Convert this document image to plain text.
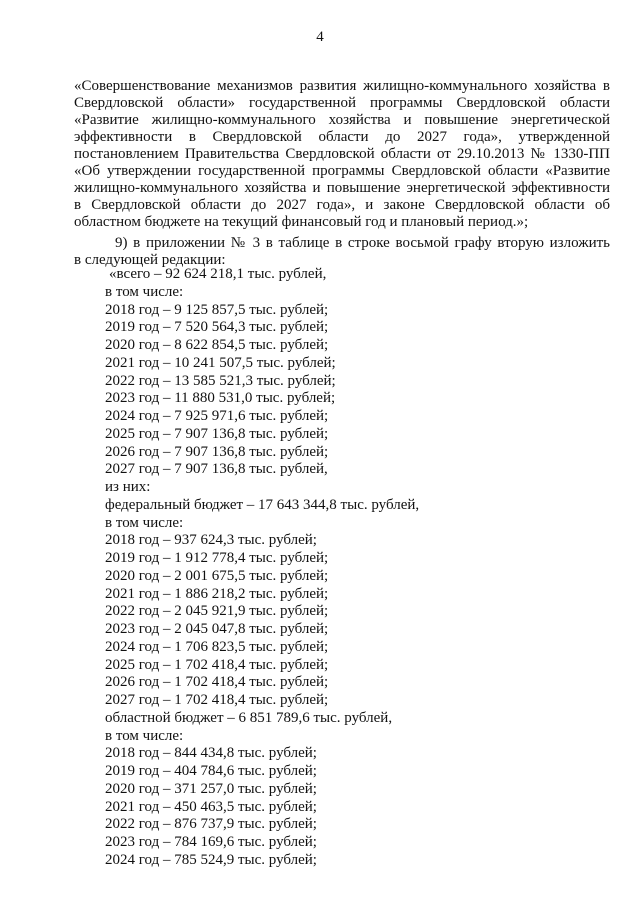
4
«Совершенствование механизмов развития жилищно-коммунального хозяйства в
Свердловской области» государственной программы Свердловской области
«Развитие жилищно-коммунального хозяйства и повышение энергетической
эффективности в Свердловской области до 2027 года», утвержденной
постановлением Правительства Свердловской области от 29.10.2013 № 1330-ПП
«Об утверждении государственной программы Свердловской области «Развитие
жилищно-коммунального хозяйства и повышение энергетической эффективности
в Свердловской области до 2027 года», и законе Свердловской области об
областном бюджете на текущий финансовый год и плановый период.»;
9) в приложении № 3 в таблице в строке восьмой графу вторую изложить
в следующей редакции:
«всего – 92 624 218,1 тыс. рублей,
в том числе:
2018 год – 9 125 857,5 тыс. рублей;
2019 год – 7 520 564,3 тыс. рублей;
2020 год – 8 622 854,5 тыс. рублей;
2021 год – 10 241 507,5 тыс. рублей;
2022 год – 13 585 521,3 тыс. рублей;
2023 год – 11 880 531,0 тыс. рублей;
2024 год – 7 925 971,6 тыс. рублей;
2025 год – 7 907 136,8 тыс. рублей;
2026 год – 7 907 136,8 тыс. рублей;
2027 год – 7 907 136,8 тыс. рублей,
из них:
федеральный бюджет – 17 643 344,8 тыс. рублей,
в том числе:
2018 год – 937 624,3 тыс. рублей;
2019 год – 1 912 778,4 тыс. рублей;
2020 год – 2 001 675,5 тыс. рублей;
2021 год – 1 886 218,2 тыс. рублей;
2022 год – 2 045 921,9 тыс. рублей;
2023 год – 2 045 047,8 тыс. рублей;
2024 год – 1 706 823,5 тыс. рублей;
2025 год – 1 702 418,4 тыс. рублей;
2026 год – 1 702 418,4 тыс. рублей;
2027 год – 1 702 418,4 тыс. рублей;
областной бюджет – 6 851 789,6 тыс. рублей,
в том числе:
2018 год – 844 434,8 тыс. рублей;
2019 год – 404 784,6 тыс. рублей;
2020 год – 371 257,0 тыс. рублей;
2021 год – 450 463,5 тыс. рублей;
2022 год – 876 737,9 тыс. рублей;
2023 год – 784 169,6 тыс. рублей;
2024 год – 785 524,9 тыс. рублей;
